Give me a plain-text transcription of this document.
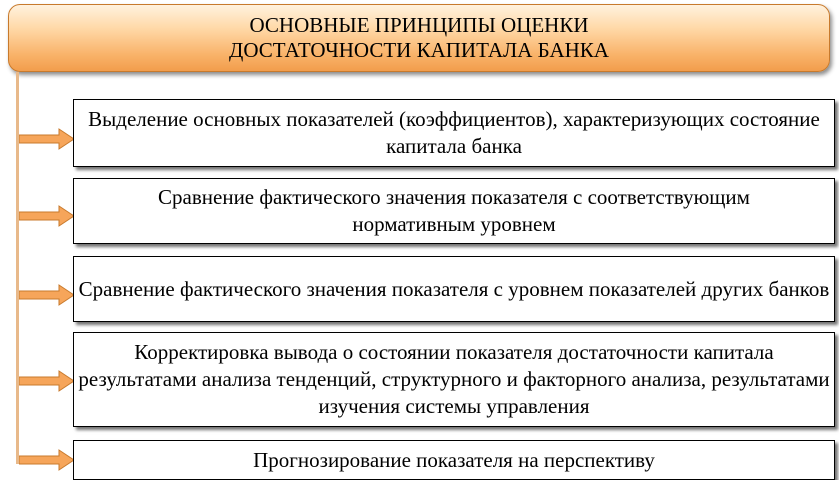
ОСНОВНЫЕ ПРИНЦИПЫ ОЦЕНКИ ДОСТАТОЧНОСТИ КАПИТАЛА БАНКА
Выделение основных показателей (коэффициентов), характеризующих состояние капитала банка
Сравнение фактического значения показателя с соответствующим нормативным уровнем
Сравнение фактического значения показателя с уровнем показателей других банков
Корректировка вывода о состоянии показателя достаточности капитала результатами анализа тенденций, структурного и факторного анализа, результатами изучения системы управления
Прогнозирование показателя на перспективу
